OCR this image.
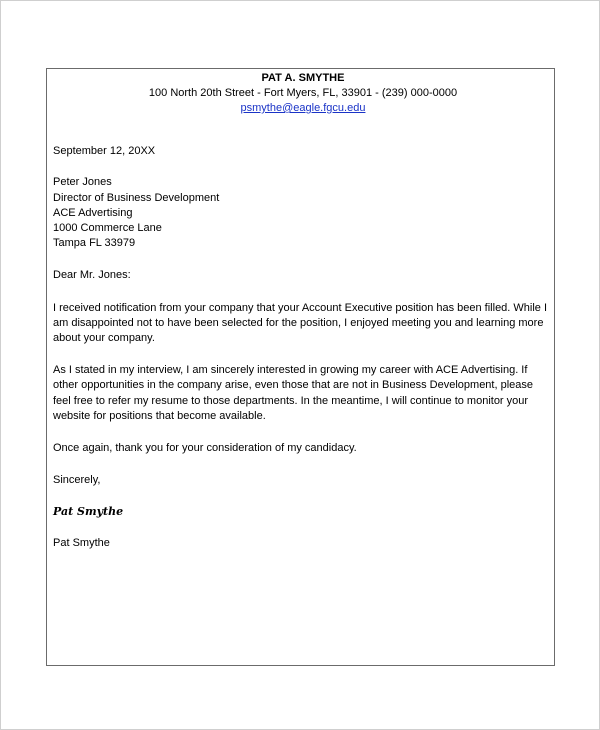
PAT A. SMYTHE
100 North 20th Street - Fort Myers, FL, 33901 - (239) 000-0000
psmythe@eagle.fgcu.edu

September 12, 20XX

Peter Jones
Director of Business Development
ACE Advertising
1000 Commerce Lane
Tampa FL 33979

Dear Mr. Jones:

I received notification from your company that your Account Executive position has been filled. While I am disappointed not to have been selected for the position, I enjoyed meeting you and learning more about your company.

As I stated in my interview, I am sincerely interested in growing my career with ACE Advertising. If other opportunities in the company arise, even those that are not in Business Development, please feel free to refer my resume to those departments. In the meantime, I will continue to monitor your website for positions that become available.

Once again, thank you for your consideration of my candidacy.

Sincerely,

Pat Smythe

Pat Smythe
